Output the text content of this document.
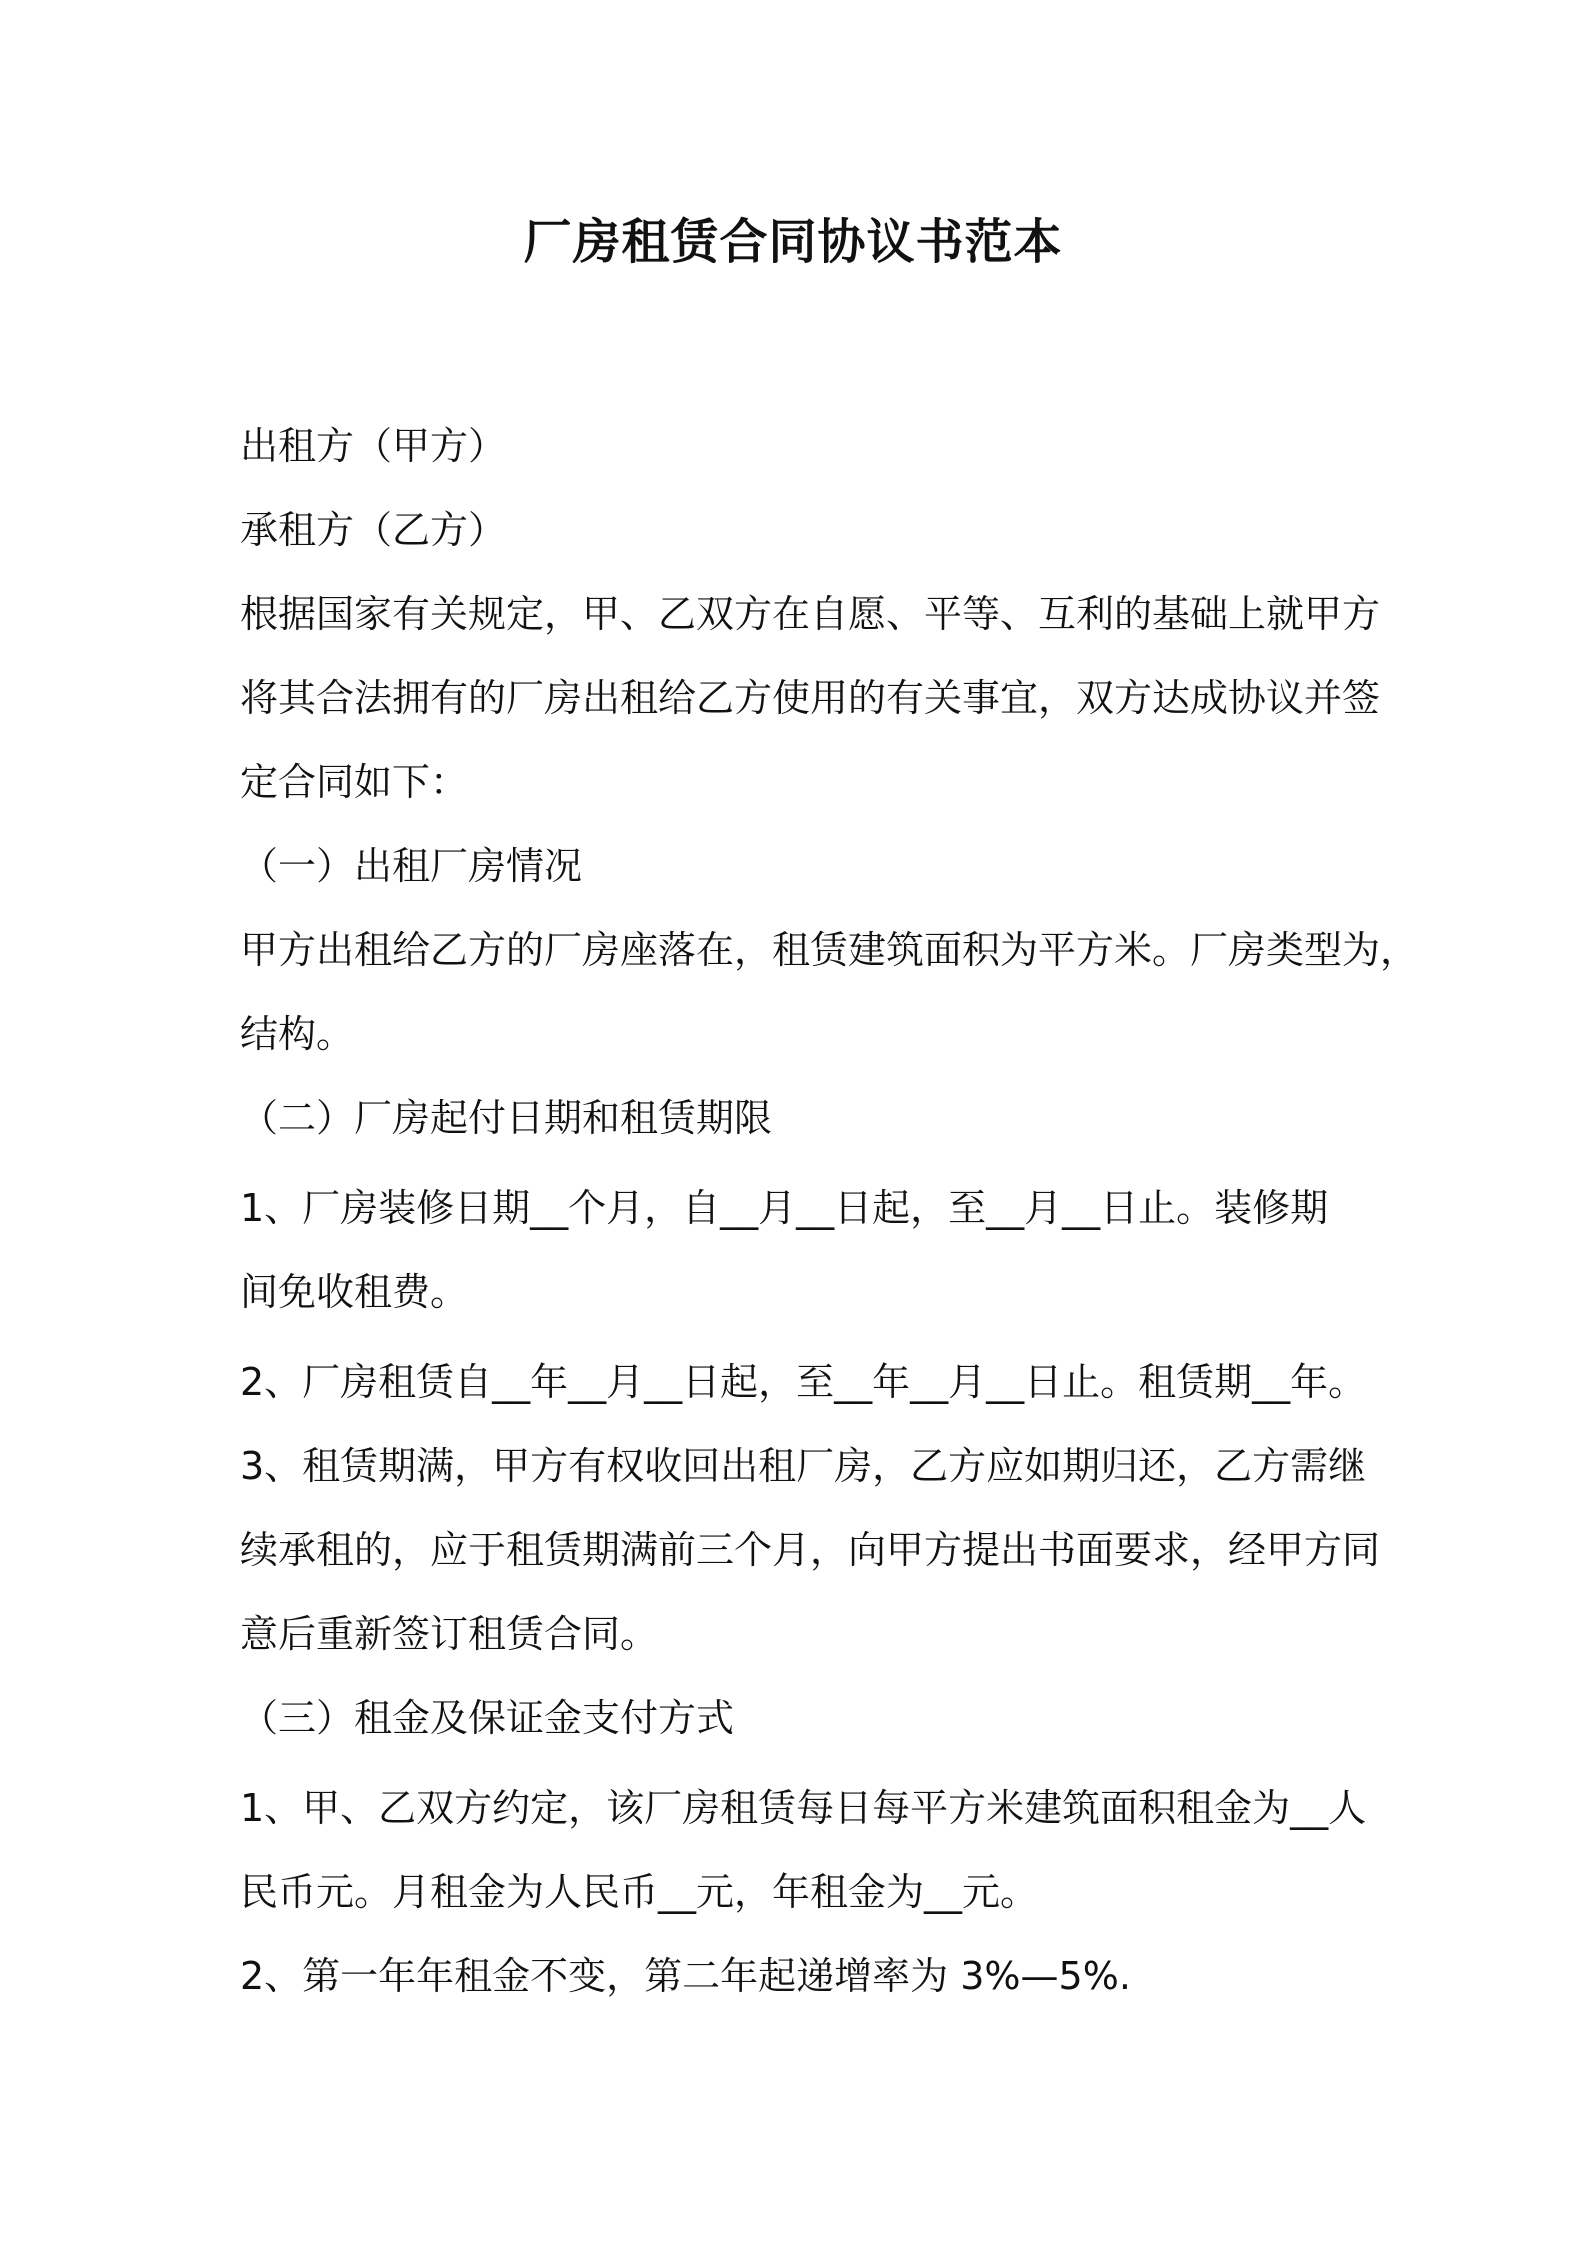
厂房租赁合同协议书范本
出租方（甲方）
承租方（乙方）
根据国家有关规定，甲、乙双方在自愿、平等、互利的基础上就甲方
将其合法拥有的厂房出租给乙方使用的有关事宜，双方达成协议并签
定合同如下：
（一）出租厂房情况
甲方出租给乙方的厂房座落在，租赁建筑面积为平方米。厂房类型为，
结构。
（二）厂房起付日期和租赁期限
1、厂房装修日期__个月，自__月__日起，至__月__日止。装修期
间免收租费。
2、厂房租赁自__年__月__日起，至__年__月__日止。租赁期__年。
3、租赁期满，甲方有权收回出租厂房，乙方应如期归还，乙方需继
续承租的，应于租赁期满前三个月，向甲方提出书面要求，经甲方同
意后重新签订租赁合同。
（三）租金及保证金支付方式
1、甲、乙双方约定，该厂房租赁每日每平方米建筑面积租金为__人
民币元。月租金为人民币__元，年租金为__元。
2、第一年年租金不变，第二年起递增率为 3%—5%.
